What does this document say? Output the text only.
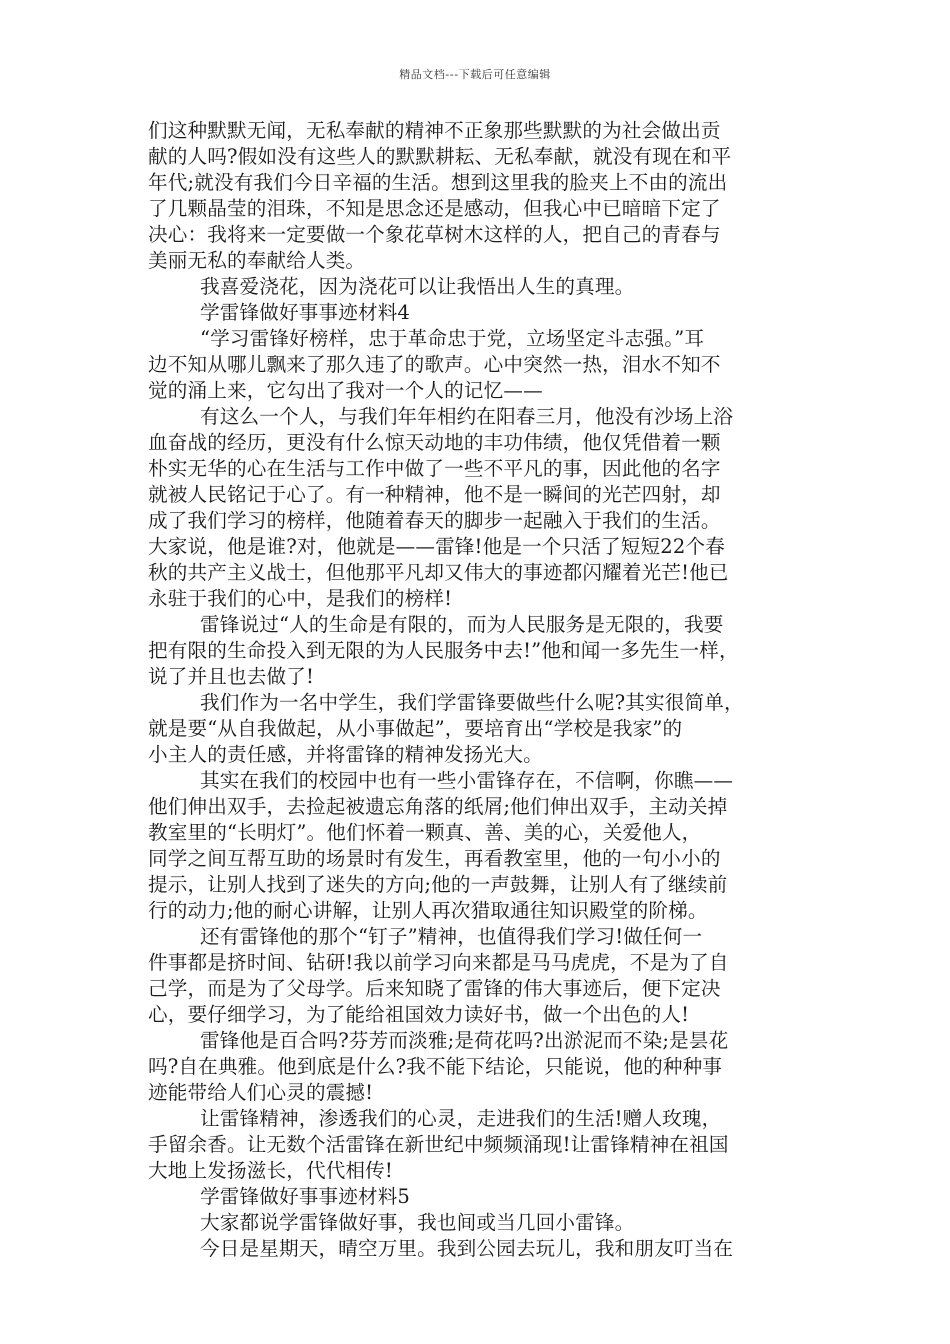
精品文档---下载后可任意编辑
们这种默默无闻，无私奉献的精神不正象那些默默的为社会做出贡
献的人吗?假如没有这些人的默默耕耘、无私奉献，就没有现在和平
年代;就没有我们今日辛福的生活。想到这里我的脸夹上不由的流出
了几颗晶莹的泪珠，不知是思念还是感动，但我心中已暗暗下定了
决心：我将来一定要做一个象花草树木这样的人，把自己的青春与
美丽无私的奉献给人类。
我喜爱浇花，因为浇花可以让我悟出人生的真理。
学雷锋做好事事迹材料4
“学习雷锋好榜样，忠于革命忠于党，立场坚定斗志强。”耳
边不知从哪儿飘来了那久违了的歌声。心中突然一热，泪水不知不
觉的涌上来，它勾出了我对一个人的记忆——
有这么一个人，与我们年年相约在阳春三月，他没有沙场上浴
血奋战的经历，更没有什么惊天动地的丰功伟绩，他仅凭借着一颗
朴实无华的心在生活与工作中做了一些不平凡的事，因此他的名字
就被人民铭记于心了。有一种精神，他不是一瞬间的光芒四射，却
成了我们学习的榜样，他随着春天的脚步一起融入于我们的生活。
大家说，他是谁?对，他就是——雷锋!他是一个只活了短短22个春
秋的共产主义战士，但他那平凡却又伟大的事迹都闪耀着光芒!他已
永驻于我们的心中，是我们的榜样!
雷锋说过“人的生命是有限的，而为人民服务是无限的，我要
把有限的生命投入到无限的为人民服务中去!”他和闻一多先生一样，
说了并且也去做了!
我们作为一名中学生，我们学雷锋要做些什么呢?其实很简单，
就是要“从自我做起，从小事做起”，要培育出“学校是我家”的
小主人的责任感，并将雷锋的精神发扬光大。
其实在我们的校园中也有一些小雷锋存在，不信啊，你瞧——
他们伸出双手，去捡起被遗忘角落的纸屑;他们伸出双手，主动关掉
教室里的“长明灯”。他们怀着一颗真、善、美的心，关爱他人，
同学之间互帮互助的场景时有发生，再看教室里，他的一句小小的
提示，让别人找到了迷失的方向;他的一声鼓舞，让别人有了继续前
行的动力;他的耐心讲解，让别人再次猎取通往知识殿堂的阶梯。
还有雷锋他的那个“钉子”精神，也值得我们学习!做任何一
件事都是挤时间、钻研!我以前学习向来都是马马虎虎，不是为了自
己学，而是为了父母学。后来知晓了雷锋的伟大事迹后，便下定决
心，要仔细学习，为了能给祖国效力读好书，做一个出色的人!
雷锋他是百合吗?芬芳而淡雅;是荷花吗?出淤泥而不染;是昙花
吗?自在典雅。他到底是什么?我不能下结论，只能说，他的种种事
迹能带给人们心灵的震撼!
让雷锋精神，渗透我们的心灵，走进我们的生活!赠人玫瑰，
手留余香。让无数个活雷锋在新世纪中频频涌现!让雷锋精神在祖国
大地上发扬滋长，代代相传!
学雷锋做好事事迹材料5
大家都说学雷锋做好事，我也间或当几回小雷锋。
今日是星期天，晴空万里。我到公园去玩儿，我和朋友叮当在
